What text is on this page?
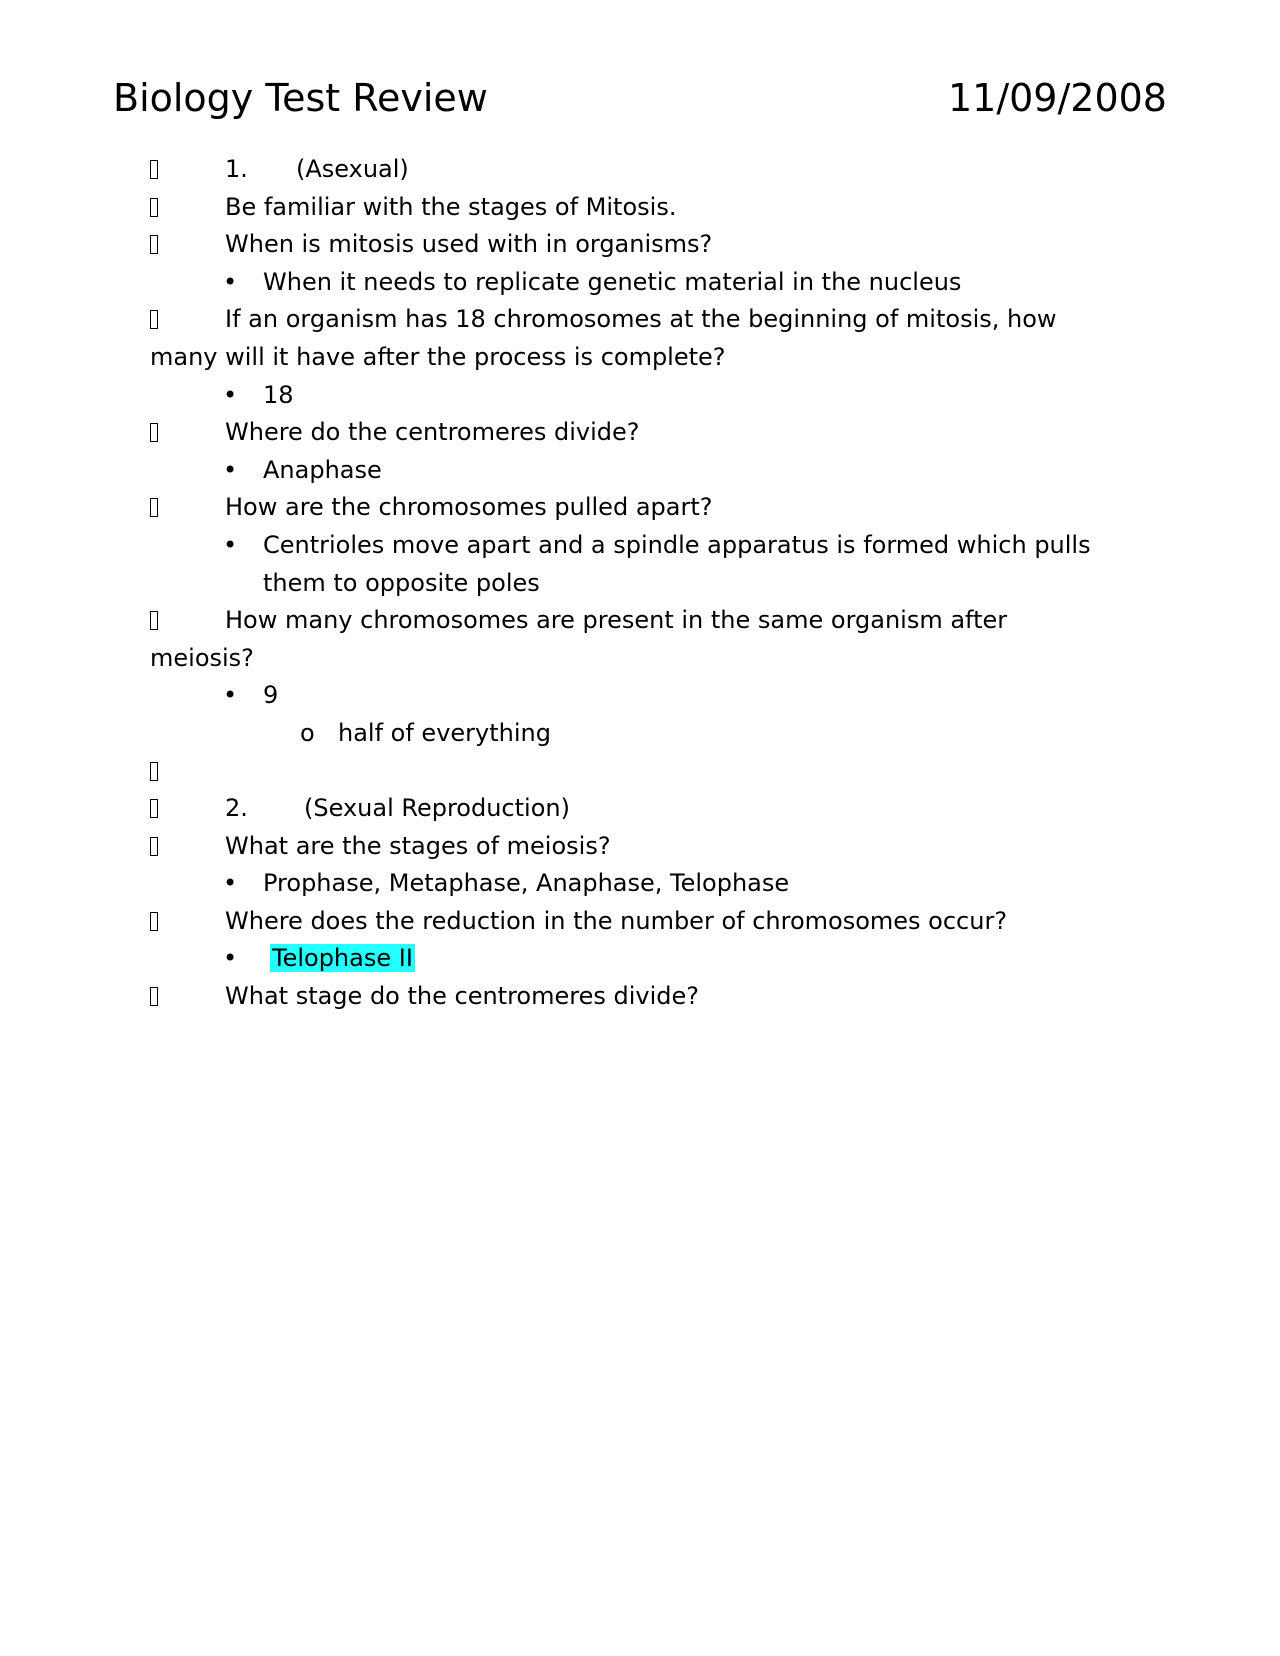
Biology Test Review	11/09/2008
1. (Asexual)
Be familiar with the stages of Mitosis.
When is mitosis used with in organisms?
• When it needs to replicate genetic material in the nucleus
If an organism has 18 chromosomes at the beginning of mitosis, how many will it have after the process is complete?
• 18
Where do the centromeres divide?
• Anaphase
How are the chromosomes pulled apart?
• Centrioles move apart and a spindle apparatus is formed which pulls them to opposite poles
How many chromosomes are present in the same organism after meiosis?
• 9
o half of everything
2. (Sexual Reproduction)
What are the stages of meiosis?
• Prophase, Metaphase, Anaphase, Telophase
Where does the reduction in the number of chromosomes occur?
• Telophase II
What stage do the centromeres divide?
